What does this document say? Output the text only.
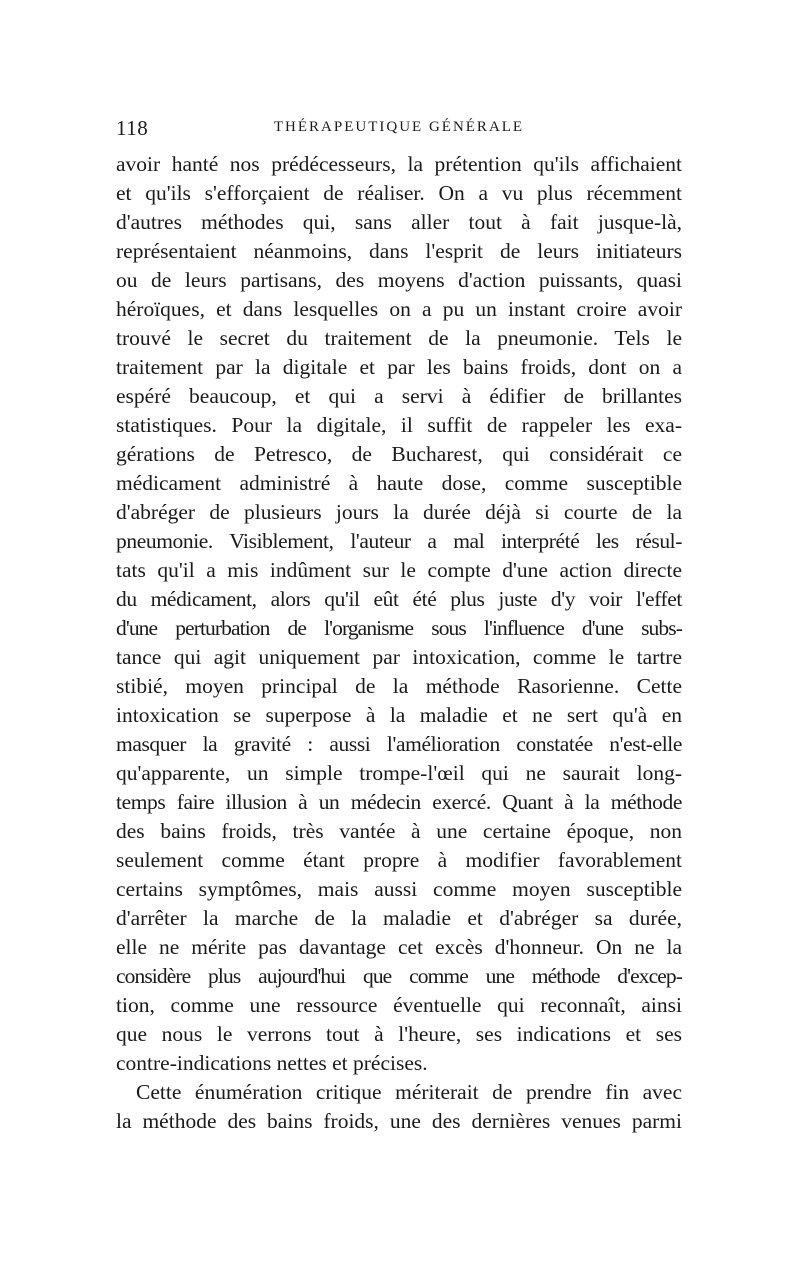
118	THÉRAPEUTIQUE GÉNÉRALE
avoir hanté nos prédécesseurs, la prétention qu'ils affichaient
et qu'ils s'efforçaient de réaliser. On a vu plus récemment
d'autres méthodes qui, sans aller tout à fait jusque-là,
représentaient néanmoins, dans l'esprit de leurs initiateurs
ou de leurs partisans, des moyens d'action puissants, quasi
héroïques, et dans lesquelles on a pu un instant croire avoir
trouvé le secret du traitement de la pneumonie. Tels le
traitement par la digitale et par les bains froids, dont on a
espéré beaucoup, et qui a servi à édifier de brillantes
statistiques. Pour la digitale, il suffit de rappeler les exa-
gérations de Petresco, de Bucharest, qui considérait ce
médicament administré à haute dose, comme susceptible
d'abréger de plusieurs jours la durée déjà si courte de la
pneumonie. Visiblement, l'auteur a mal interprété les résul-
tats qu'il a mis indûment sur le compte d'une action directe
du médicament, alors qu'il eût été plus juste d'y voir l'effet
d'une perturbation de l'organisme sous l'influence d'une subs-
tance qui agit uniquement par intoxication, comme le tartre
stibié, moyen principal de la méthode Rasorienne. Cette
intoxication se superpose à la maladie et ne sert qu'à en
masquer la gravité : aussi l'amélioration constatée n'est-elle
qu'apparente, un simple trompe-l'œil qui ne saurait long-
temps faire illusion à un médecin exercé. Quant à la méthode
des bains froids, très vantée à une certaine époque, non
seulement comme étant propre à modifier favorablement
certains symptômes, mais aussi comme moyen susceptible
d'arrêter la marche de la maladie et d'abréger sa durée,
elle ne mérite pas davantage cet excès d'honneur. On ne la
considère plus aujourd'hui que comme une méthode d'excep-
tion, comme une ressource éventuelle qui reconnaît, ainsi
que nous le verrons tout à l'heure, ses indications et ses
contre-indications nettes et précises.
Cette énumération critique mériterait de prendre fin avec
la méthode des bains froids, une des dernières venues parmi
